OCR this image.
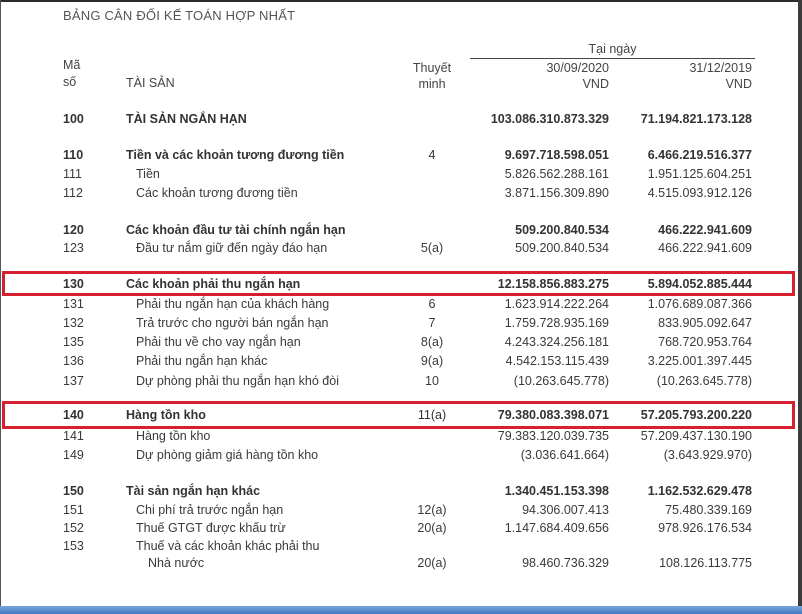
BẢNG CÂN ĐỐI KẾ TOÁN HỢP NHẤT
Mã
số	TÀI SẢN
Thuyết
minh
Tại ngày
30/09/2020	31/12/2019
VND	VND
100	TÀI SẢN NGẮN HẠN	103.086.310.873.329	71.194.821.173.128
110	Tiền và các khoản tương đương tiền	4	9.697.718.598.051	6.466.219.516.377
111	Tiền	5.826.562.288.161	1.951.125.604.251
112	Các khoản tương đương tiền	3.871.156.309.890	4.515.093.912.126
120	Các khoản đầu tư tài chính ngắn hạn	509.200.840.534	466.222.941.609
123	Đầu tư nắm giữ đến ngày đáo hạn	5(a)	509.200.840.534	466.222.941.609
130	Các khoản phải thu ngắn hạn	12.158.856.883.275	5.894.052.885.444
131	Phải thu ngắn hạn của khách hàng	6	1.623.914.222.264	1.076.689.087.366
132	Trả trước cho người bán ngắn hạn	7	1.759.728.935.169	833.905.092.647
135	Phải thu về cho vay ngắn hạn	8(a)	4.243.324.256.181	768.720.953.764
136	Phải thu ngắn hạn khác	9(a)	4.542.153.115.439	3.225.001.397.445
137	Dự phòng phải thu ngắn hạn khó đòi	10	(10.263.645.778)	(10.263.645.778)
140	Hàng tồn kho	11(a)	79.380.083.398.071	57.205.793.200.220
141	Hàng tồn kho	79.383.120.039.735	57.209.437.130.190
149	Dự phòng giảm giá hàng tồn kho	(3.036.641.664)	(3.643.929.970)
150	Tài sản ngắn hạn khác	1.340.451.153.398	1.162.532.629.478
151	Chi phí trả trước ngắn hạn	12(a)	94.306.007.413	75.480.339.169
152	Thuế GTGT được khấu trừ	20(a)	1.147.684.409.656	978.926.176.534
153	Thuế và các khoản khác phải thu
Nhà nước	20(a)	98.460.736.329	108.126.113.775
